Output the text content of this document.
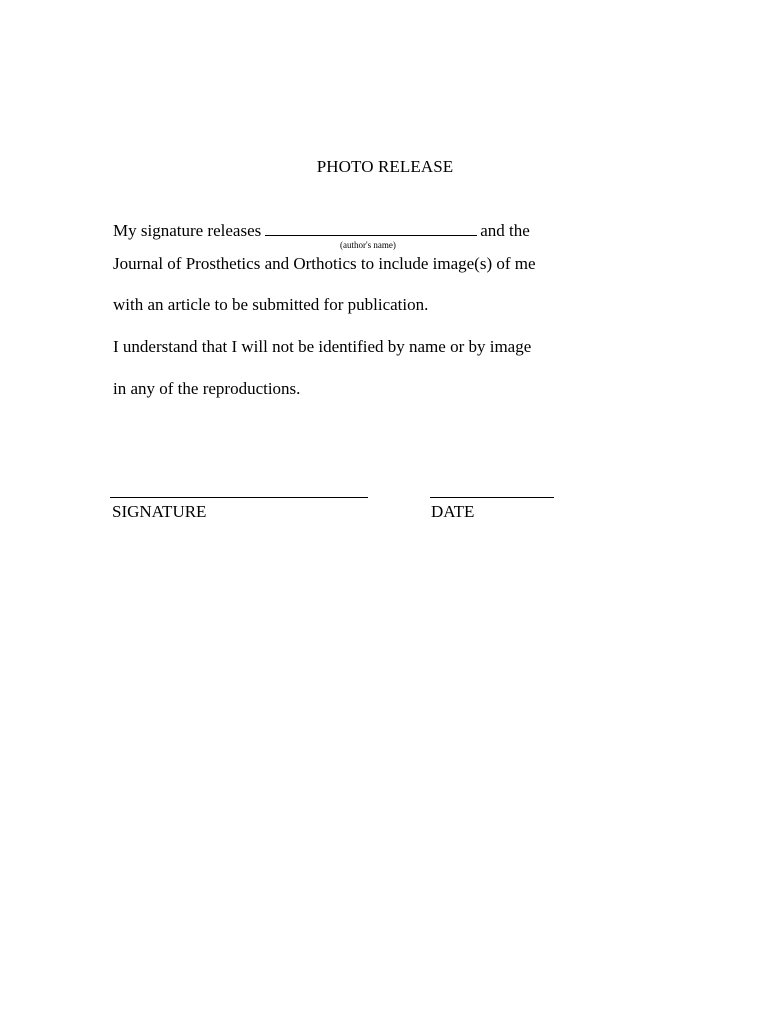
PHOTO RELEASE
My signature releases	and the
(author's name)
Journal of Prosthetics and Orthotics to include image(s) of me
with an article to be submitted for publication.
I understand that I will not be identified by name or by image
in any of the reproductions.
SIGNATURE	DATE
